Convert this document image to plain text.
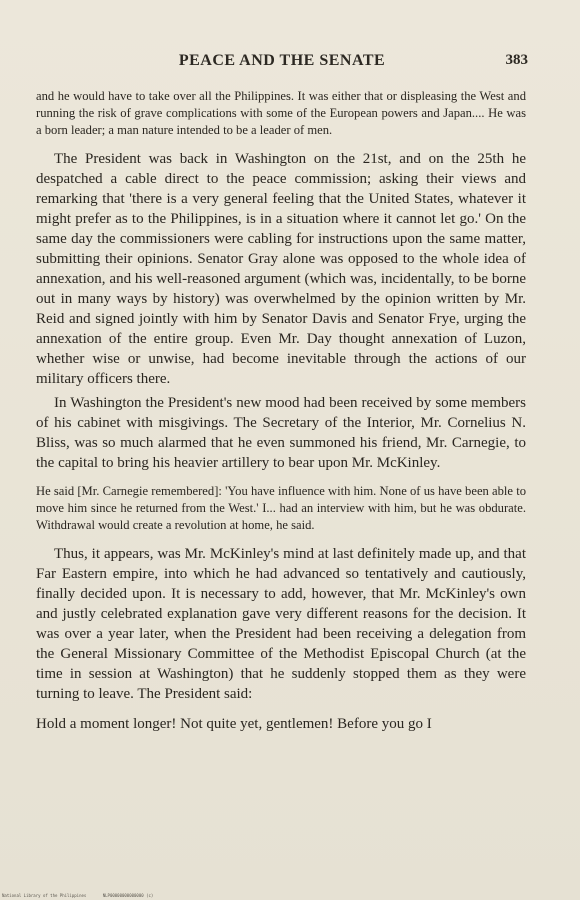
PEACE AND THE SENATE	383

and he would have to take over all the Philippines. It was either that or displeasing the West and running the risk of grave complications with some of the European powers and Japan.... He was a born leader; a man nature intended to be a leader of men.

The President was back in Washington on the 21st, and on the 25th he despatched a cable direct to the peace commission; asking their views and remarking that 'there is a very general feeling that the United States, whatever it might prefer as to the Philippines, is in a situation where it cannot let go.' On the same day the commissioners were cabling for instructions upon the same matter, submitting their opinions. Senator Gray alone was opposed to the whole idea of annexation, and his well-reasoned argument (which was, incidentally, to be borne out in many ways by history) was overwhelmed by the opinion written by Mr. Reid and signed jointly with him by Senator Davis and Senator Frye, urging the annexation of the entire group. Even Mr. Day thought annexation of Luzon, whether wise or unwise, had become inevitable through the actions of our military officers there.

In Washington the President's new mood had been received by some members of his cabinet with misgivings. The Secretary of the Interior, Mr. Cornelius N. Bliss, was so much alarmed that he even summoned his friend, Mr. Carnegie, to the capital to bring his heavier artillery to bear upon Mr. McKinley.

He said [Mr. Carnegie remembered]: 'You have influence with him. None of us have been able to move him since he returned from the West.' I... had an interview with him, but he was obdurate. Withdrawal would create a revolution at home, he said.

Thus, it appears, was Mr. McKinley's mind at last definitely made up, and that Far Eastern empire, into which he had advanced so tentatively and cautiously, finally decided upon. It is necessary to add, however, that Mr. McKinley's own and justly celebrated explanation gave very different reasons for the decision. It was over a year later, when the President had been receiving a delegation from the General Missionary Committee of the Methodist Episcopal Church (at the time in session at Washington) that he suddenly stopped them as they were turning to leave. The President said:

Hold a moment longer! Not quite yet, gentlemen! Before you go I

National Library of the Philippines	NLP00000000000000 (c)
